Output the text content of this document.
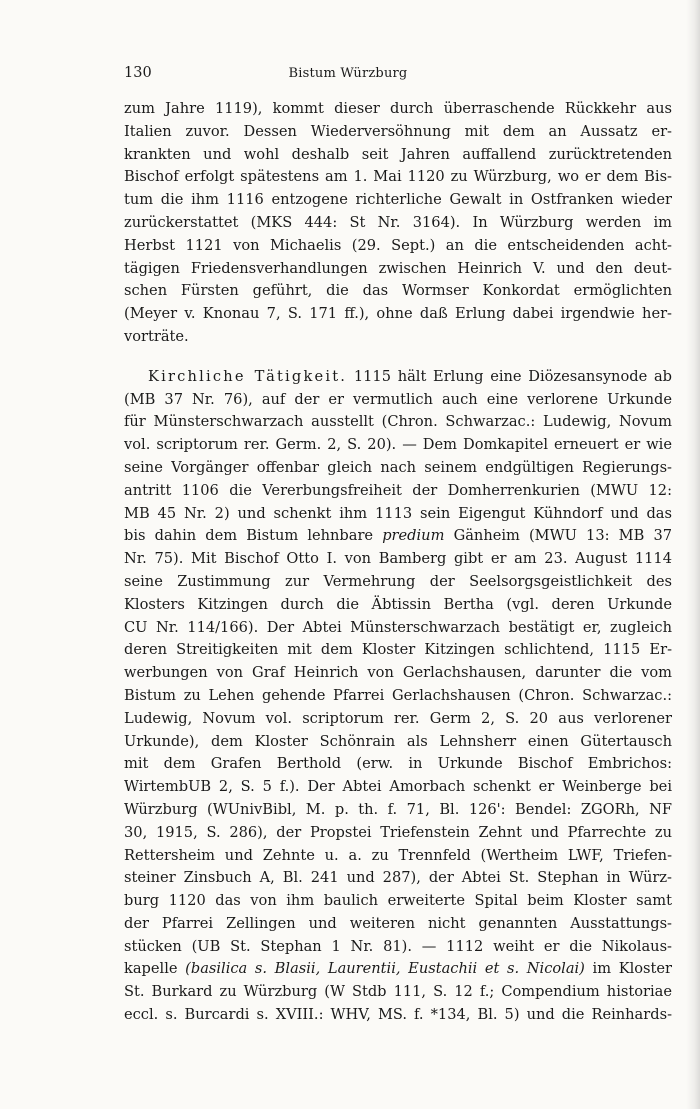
130	Bistum Würzburg
zum Jahre 1119), kommt dieser durch überraschende Rückkehr aus
Italien zuvor. Dessen Wiederversöhnung mit dem an Aussatz er-
krankten und wohl deshalb seit Jahren auffallend zurücktretenden
Bischof erfolgt spätestens am 1. Mai 1120 zu Würzburg, wo er dem Bis-
tum die ihm 1116 entzogene richterliche Gewalt in Ostfranken wieder
zurückerstattet (MKS 444: St Nr. 3164). In Würzburg werden im
Herbst 1121 von Michaelis (29. Sept.) an die entscheidenden acht-
tägigen Friedensverhandlungen zwischen Heinrich V. und den deut-
schen Fürsten geführt, die das Wormser Konkordat ermöglichten
(Meyer v. Knonau 7, S. 171 ff.), ohne daß Erlung dabei irgendwie her-
vorträte.
Kirchliche Tätigkeit. 1115 hält Erlung eine Diözesansynode ab
(MB 37 Nr. 76), auf der er vermutlich auch eine verlorene Urkunde
für Münsterschwarzach ausstellt (Chron. Schwarzac.: Ludewig, Novum
vol. scriptorum rer. Germ. 2, S. 20). — Dem Domkapitel erneuert er wie
seine Vorgänger offenbar gleich nach seinem endgültigen Regierungs-
antritt 1106 die Vererbungsfreiheit der Domherrenkurien (MWU 12:
MB 45 Nr. 2) und schenkt ihm 1113 sein Eigengut Kühndorf und das
bis dahin dem Bistum lehnbare predium Gänheim (MWU 13: MB 37
Nr. 75). Mit Bischof Otto I. von Bamberg gibt er am 23. August 1114
seine Zustimmung zur Vermehrung der Seelsorgsgeistlichkeit des
Klosters Kitzingen durch die Äbtissin Bertha (vgl. deren Urkunde
CU Nr. 114/166). Der Abtei Münsterschwarzach bestätigt er, zugleich
deren Streitigkeiten mit dem Kloster Kitzingen schlichtend, 1115 Er-
werbungen von Graf Heinrich von Gerlachshausen, darunter die vom
Bistum zu Lehen gehende Pfarrei Gerlachshausen (Chron. Schwarzac.:
Ludewig, Novum vol. scriptorum rer. Germ 2, S. 20 aus verlorener
Urkunde), dem Kloster Schönrain als Lehnsherr einen Gütertausch
mit dem Grafen Berthold (erw. in Urkunde Bischof Embrichos:
WirtembUB 2, S. 5 f.). Der Abtei Amorbach schenkt er Weinberge bei
Würzburg (WUnivBibl, M. p. th. f. 71, Bl. 126': Bendel: ZGORh, NF
30, 1915, S. 286), der Propstei Triefenstein Zehnt und Pfarrechte zu
Rettersheim und Zehnte u. a. zu Trennfeld (Wertheim LWF, Triefen-
steiner Zinsbuch A, Bl. 241 und 287), der Abtei St. Stephan in Würz-
burg 1120 das von ihm baulich erweiterte Spital beim Kloster samt
der Pfarrei Zellingen und weiteren nicht genannten Ausstattungs-
stücken (UB St. Stephan 1 Nr. 81). — 1112 weiht er die Nikolaus-
kapelle (basilica s. Blasii, Laurentii, Eustachii et s. Nicolai) im Kloster
St. Burkard zu Würzburg (W Stdb 111, S. 12 f.; Compendium historiae
eccl. s. Burcardi s. XVIII.: WHV, MS. f. *134, Bl. 5) und die Reinhards-
